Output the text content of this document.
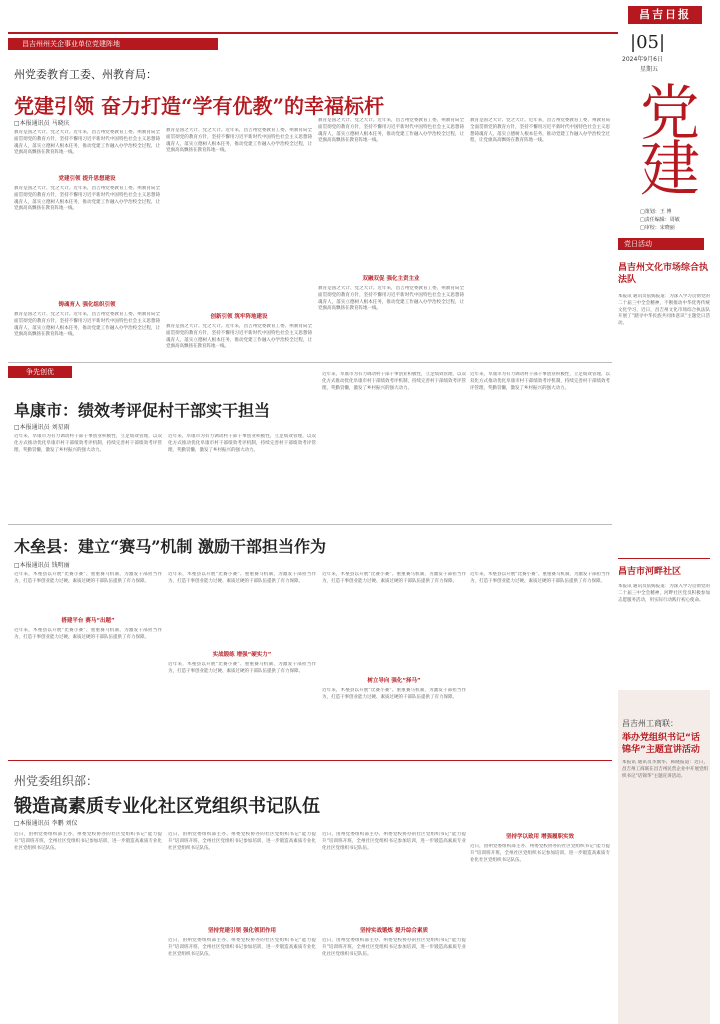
昌吉日报
|05|
2024年9月6日
星期五
昌吉州州关企事业单位党建阵地
党建
□策划：王 博
□责任编辑：周敏
□审校：宋晓丽
州党委教育工委、州教育局：
党建引领 奋力打造“学有优教”的幸福标杆
□本报通讯员 马晓庆
教育是国之大计、党之大计。近年来，昌吉州党委教育工委、州教育局全面贯彻党的教育方针，坚持不懈用习近平新时代中国特色社会主义思想铸魂育人，落实立德树人根本任务，推动党建工作融入办学治校全过程，让党旗高高飘扬在教育阵地一线。
党建引领 提升思想建设
教育是国之大计、党之大计。近年来，昌吉州党委教育工委、州教育局全面贯彻党的教育方针，坚持不懈用习近平新时代中国特色社会主义思想铸魂育人，落实立德树人根本任务，推动党建工作融入办学治校全过程，让党旗高高飘扬在教育阵地一线。
铸魂育人 强化组织引领
教育是国之大计、党之大计。近年来，昌吉州党委教育工委、州教育局全面贯彻党的教育方针，坚持不懈用习近平新时代中国特色社会主义思想铸魂育人，落实立德树人根本任务，推动党建工作融入办学治校全过程，让党旗高高飘扬在教育阵地一线。
教育是国之大计、党之大计。近年来，昌吉州党委教育工委、州教育局全面贯彻党的教育方针，坚持不懈用习近平新时代中国特色社会主义思想铸魂育人，落实立德树人根本任务，推动党建工作融入办学治校全过程，让党旗高高飘扬在教育阵地一线。
创新引领 筑牢阵地建设
教育是国之大计、党之大计。近年来，昌吉州党委教育工委、州教育局全面贯彻党的教育方针，坚持不懈用习近平新时代中国特色社会主义思想铸魂育人，落实立德树人根本任务，推动党建工作融入办学治校全过程，让党旗高高飘扬在教育阵地一线。
教育是国之大计、党之大计。近年来，昌吉州党委教育工委、州教育局全面贯彻党的教育方针，坚持不懈用习近平新时代中国特色社会主义思想铸魂育人，落实立德树人根本任务，推动党建工作融入办学治校全过程，让党旗高高飘扬在教育阵地一线。
双融双促 强化主责主业
教育是国之大计、党之大计。近年来，昌吉州党委教育工委、州教育局全面贯彻党的教育方针，坚持不懈用习近平新时代中国特色社会主义思想铸魂育人，落实立德树人根本任务，推动党建工作融入办学治校全过程，让党旗高高飘扬在教育阵地一线。
教育是国之大计、党之大计。近年来，昌吉州党委教育工委、州教育局全面贯彻党的教育方针，坚持不懈用习近平新时代中国特色社会主义思想铸魂育人，落实立德树人根本任务，推动党建工作融入办学治校全过程，让党旗高高飘扬在教育阵地一线。
争先创优
阜康市：绩效考评促村干部实干担当
□本报通讯员 刘星雨
近年来，阜康市为有力调动村干部干事创业积极性，立足绩效管理，以双化方式推动优化阜康市村干部绩效考评机制，持续完善村干部绩效考评管理，奖勤罚懒，激发了乡村振兴的强大动力。
近年来，阜康市为有力调动村干部干事创业积极性，立足绩效管理，以双化方式推动优化阜康市村干部绩效考评机制，持续完善村干部绩效考评管理，奖勤罚懒，激发了乡村振兴的强大动力。
近年来，阜康市为有力调动村干部干事创业积极性，立足绩效管理，以双化方式推动优化阜康市村干部绩效考评机制，持续完善村干部绩效考评管理，奖勤罚懒，激发了乡村振兴的强大动力。
近年来，阜康市为有力调动村干部干事创业积极性，立足绩效管理，以双化方式推动优化阜康市村干部绩效考评机制，持续完善村干部绩效考评管理，奖勤罚懒，激发了乡村振兴的强大动力。
木垒县：建立“赛马”机制 激励干部担当作为
□本报通讯员 钱明丽
近年来，木垒县以开展“比赛小赛”、重重赛马机制，为激发干部担当作为，打造干事创业能力过硬、素质过硬的干部队伍提供了有力保障。
搭建平台 赛马“出题”
近年来，木垒县以开展“比赛小赛”、重重赛马机制，为激发干部担当作为，打造干事创业能力过硬、素质过硬的干部队伍提供了有力保障。
近年来，木垒县以开展“比赛小赛”、重重赛马机制，为激发干部担当作为，打造干事创业能力过硬、素质过硬的干部队伍提供了有力保障。
实战锻练 增强“硬实力”
近年来，木垒县以开展“比赛小赛”、重重赛马机制，为激发干部担当作为，打造干事创业能力过硬、素质过硬的干部队伍提供了有力保障。
近年来，木垒县以开展“比赛小赛”、重重赛马机制，为激发干部担当作为，打造干事创业能力过硬、素质过硬的干部队伍提供了有力保障。
树立导向 强化“择马”
近年来，木垒县以开展“比赛小赛”、重重赛马机制，为激发干部担当作为，打造干事创业能力过硬、素质过硬的干部队伍提供了有力保障。
近年来，木垒县以开展“比赛小赛”、重重赛马机制，为激发干部担当作为，打造干事创业能力过硬、素质过硬的干部队伍提供了有力保障。
党日活动
昌吉州文化市场综合执法队
本报讯 通讯员依嫣报道：为深入学习贯彻党的二十届三中全会精神，不断推动中华优秀传统文化学习，近日，昌吉州文化市场综合执法队开展了“踏寻中华民族共同体意识”主题党日活动。
昌吉市河畔社区
本报讯 通讯员依嫣报道：为深入学习贯彻党的二十届三中全会精神，河畔社区党员积极参加志愿服务活动，用实际行动践行初心使命。
昌吉州工商联：
举办党组织书记“话锦华”主题宣讲活动
本报讯 通讯员李旗华、韩晓报道：近日，昌吉州工商联在昌吉州民营企业中开展党组织书记“话锦华”主题宣讲活动。
州党委组织部：
锻造高素质专业化社区党组织书记队伍
□本报通讯员 李鹏 刘仪
近日，由州党委组织部主办、州委党校协办的社区党组织书记“能力提升”培训班开班，全州社区党组织书记参加培训，进一步锻造高素质专业化社区党组织书记队伍。
近日，由州党委组织部主办、州委党校协办的社区党组织书记“能力提升”培训班开班，全州社区党组织书记参加培训，进一步锻造高素质专业化社区党组织书记队伍。
坚持党建引领 强化领团作用
近日，由州党委组织部主办、州委党校协办的社区党组织书记“能力提升”培训班开班，全州社区党组织书记参加培训，进一步锻造高素质专业化社区党组织书记队伍。
近日，由州党委组织部主办、州委党校协办的社区党组织书记“能力提升”培训班开班，全州社区党组织书记参加培训，进一步锻造高素质专业化社区党组织书记队伍。
坚持实战锻炼 提升综合素质
近日，由州党委组织部主办、州委党校协办的社区党组织书记“能力提升”培训班开班，全州社区党组织书记参加培训，进一步锻造高素质专业化社区党组织书记队伍。
坚持学以致用 增强履职实效
近日，由州党委组织部主办、州委党校协办的社区党组织书记“能力提升”培训班开班，全州社区党组织书记参加培训，进一步锻造高素质专业化社区党组织书记队伍。
